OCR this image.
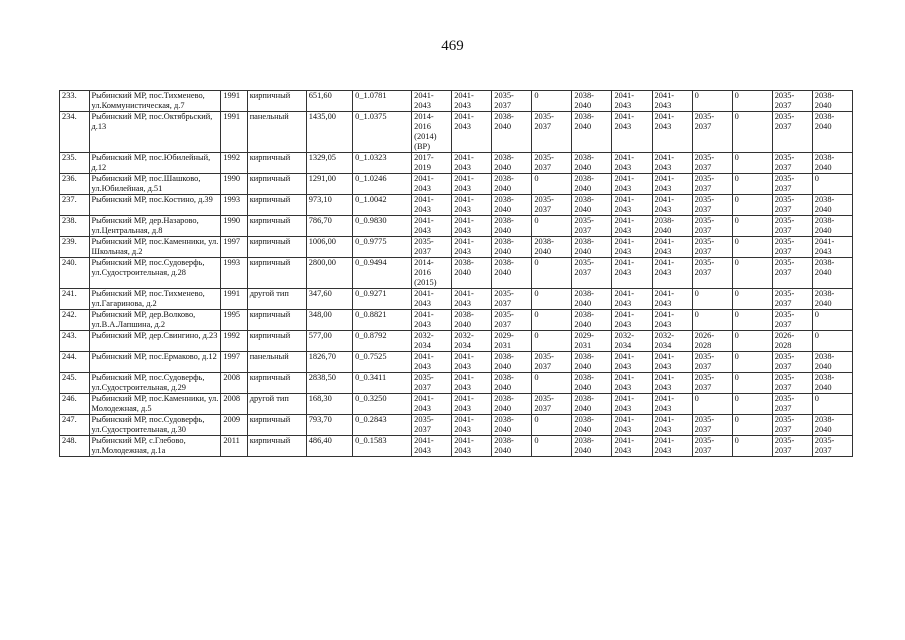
469
233.	Рыбинский МР, пос.Тихменево, ул.Коммунистическая, д.7	1991	кирпичный	651,60	0_1.0781	2041-2043	2041-2043	2035-2037	0	2038-2040	2041-2043	2041-2043	0	0	2035-2037	2038-2040
234.	Рыбинский МР, пос.Октябрьский, д.13	1991	панельный	1435,00	0_1.0375	2014-2016 (2014) (ВР)	2041-2043	2038-2040	2035-2037	2038-2040	2041-2043	2041-2043	2035-2037	0	2035-2037	2038-2040
235.	Рыбинский МР, пос.Юбилейный, д.12	1992	кирпичный	1329,05	0_1.0323	2017-2019	2041-2043	2038-2040	2035-2037	2038-2040	2041-2043	2041-2043	2035-2037	0	2035-2037	2038-2040
236.	Рыбинский МР, пос.Шашково, ул.Юбилейная, д.51	1990	кирпичный	1291,00	0_1.0246	2041-2043	2041-2043	2038-2040	0	2038-2040	2041-2043	2041-2043	2035-2037	0	2035-2037	0
237.	Рыбинский МР, пос.Костино, д.39	1993	кирпичный	973,10	0_1.0042	2041-2043	2041-2043	2038-2040	2035-2037	2038-2040	2041-2043	2041-2043	2035-2037	0	2035-2037	2038-2040
238.	Рыбинский МР, дер.Назарово, ул.Центральная, д.8	1990	кирпичный	786,70	0_0.9830	2041-2043	2041-2043	2038-2040	0	2035-2037	2041-2043	2038-2040	2035-2037	0	2035-2037	2038-2040
239.	Рыбинский МР, пос.Каменники, ул. Школьная, д.2	1997	кирпичный	1006,00	0_0.9775	2035-2037	2041-2043	2038-2040	2038-2040	2038-2040	2041-2043	2041-2043	2035-2037	0	2035-2037	2041-2043
240.	Рыбинский МР, пос.Судоверфь, ул.Судостроительная, д.28	1993	кирпичный	2800,00	0_0.9494	2014-2016 (2015)	2038-2040	2038-2040	0	2035-2037	2041-2043	2041-2043	2035-2037	0	2035-2037	2038-2040
241.	Рыбинский МР, пос.Тихменево, ул.Гагаринова, д.2	1991	другой тип	347,60	0_0.9271	2041-2043	2041-2043	2035-2037	0	2038-2040	2041-2043	2041-2043	0	0	2035-2037	2038-2040
242.	Рыбинский МР, дер.Волково, ул.В.А.Лапшина, д.2	1995	кирпичный	348,00	0_0.8821	2041-2043	2038-2040	2035-2037	0	2038-2040	2041-2043	2041-2043	0	0	2035-2037	0
243.	Рыбинский МР, дер.Свингино, д.23	1992	кирпичный	577,00	0_0.8792	2032-2034	2032-2034	2029-2031	0	2029-2031	2032-2034	2032-2034	2026-2028	0	2026-2028	0
244.	Рыбинский МР, пос.Ермаково, д.12	1997	панельный	1826,70	0_0.7525	2041-2043	2041-2043	2038-2040	2035-2037	2038-2040	2041-2043	2041-2043	2035-2037	0	2035-2037	2038-2040
245.	Рыбинский МР, пос.Судоверфь, ул.Судостроительная, д.29	2008	кирпичный	2838,50	0_0.3411	2035-2037	2041-2043	2038-2040	0	2038-2040	2041-2043	2041-2043	2035-2037	0	2035-2037	2038-2040
246.	Рыбинский МР, пос.Каменники, ул. Молодежная, д.5	2008	другой тип	168,30	0_0.3250	2041-2043	2041-2043	2038-2040	2035-2037	2038-2040	2041-2043	2041-2043	0	0	2035-2037	0
247.	Рыбинский МР, пос.Судоверфь, ул.Судостроительная, д.30	2009	кирпичный	793,70	0_0.2843	2035-2037	2041-2043	2038-2040	0	2038-2040	2041-2043	2041-2043	2035-2037	0	2035-2037	2038-2040
248.	Рыбинский МР, с.Глебово, ул.Молодежная, д.1а	2011	кирпичный	486,40	0_0.1583	2041-2043	2041-2043	2038-2040	0	2038-2040	2041-2043	2041-2043	2035-2037	0	2035-2037	2035-2037
